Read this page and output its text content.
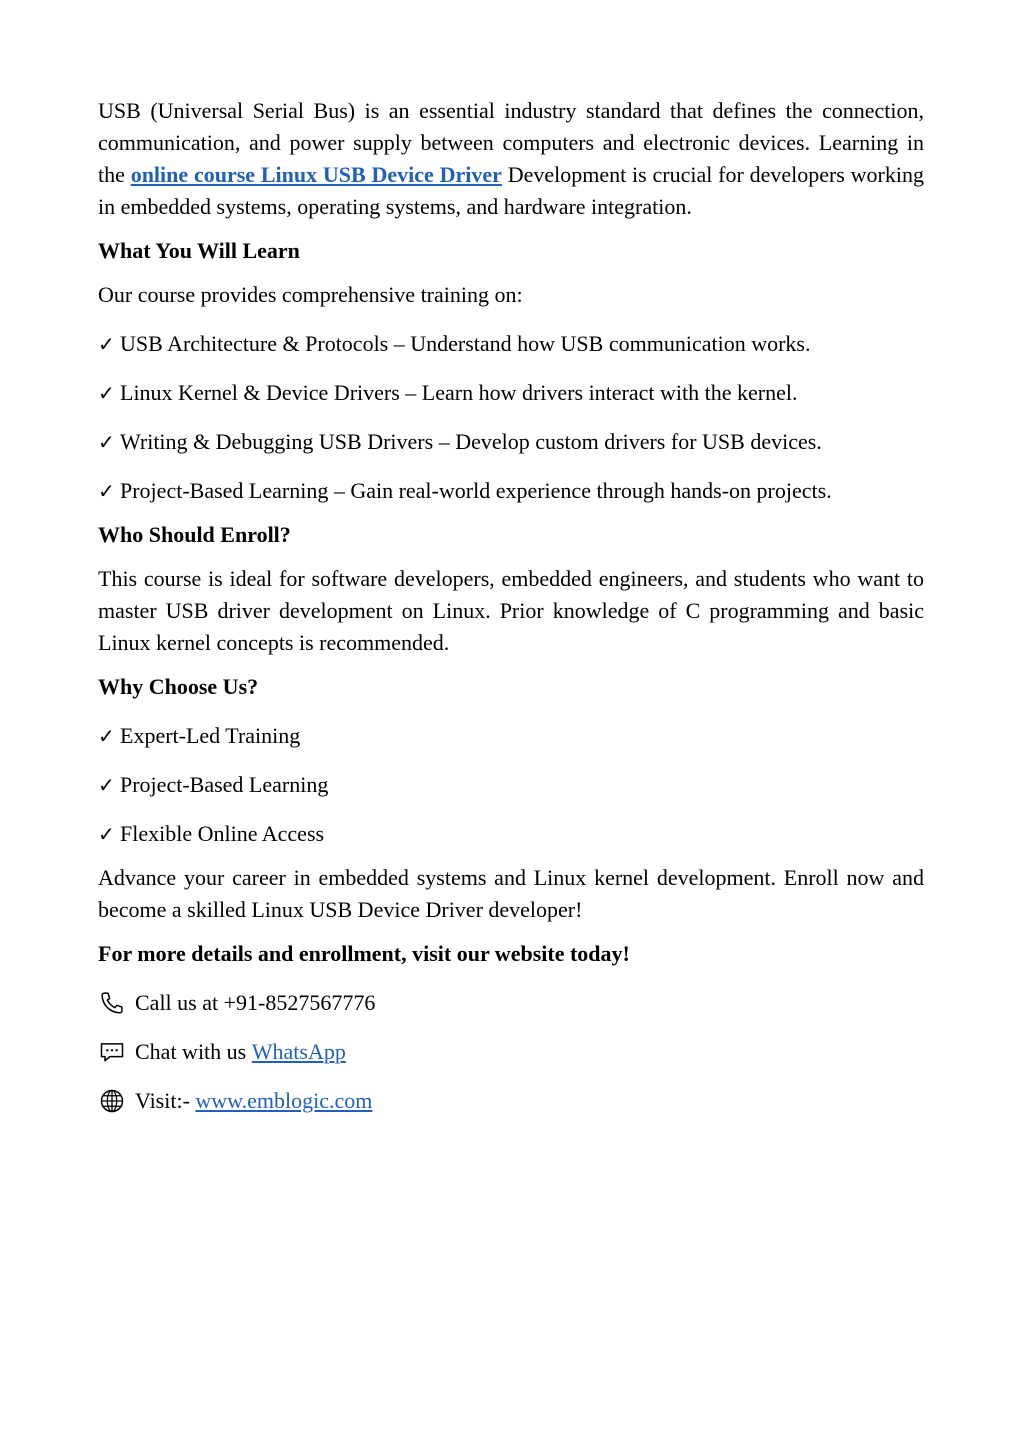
USB (Universal Serial Bus) is an essential industry standard that defines the connection, communication, and power supply between computers and electronic devices. Learning in the online course Linux USB Device Driver Development is crucial for developers working in embedded systems, operating systems, and hardware integration.

What You Will Learn

Our course provides comprehensive training on:

✓ USB Architecture & Protocols – Understand how USB communication works.

✓ Linux Kernel & Device Drivers – Learn how drivers interact with the kernel.

✓ Writing & Debugging USB Drivers – Develop custom drivers for USB devices.

✓ Project-Based Learning – Gain real-world experience through hands-on projects.

Who Should Enroll?

This course is ideal for software developers, embedded engineers, and students who want to master USB driver development on Linux. Prior knowledge of C programming and basic Linux kernel concepts is recommended.

Why Choose Us?

✓ Expert-Led Training

✓ Project-Based Learning

✓ Flexible Online Access

Advance your career in embedded systems and Linux kernel development. Enroll now and become a skilled Linux USB Device Driver developer!

For more details and enrollment, visit our website today!

Call us at +91-8527567776

Chat with us WhatsApp

Visit:- www.emblogic.com
